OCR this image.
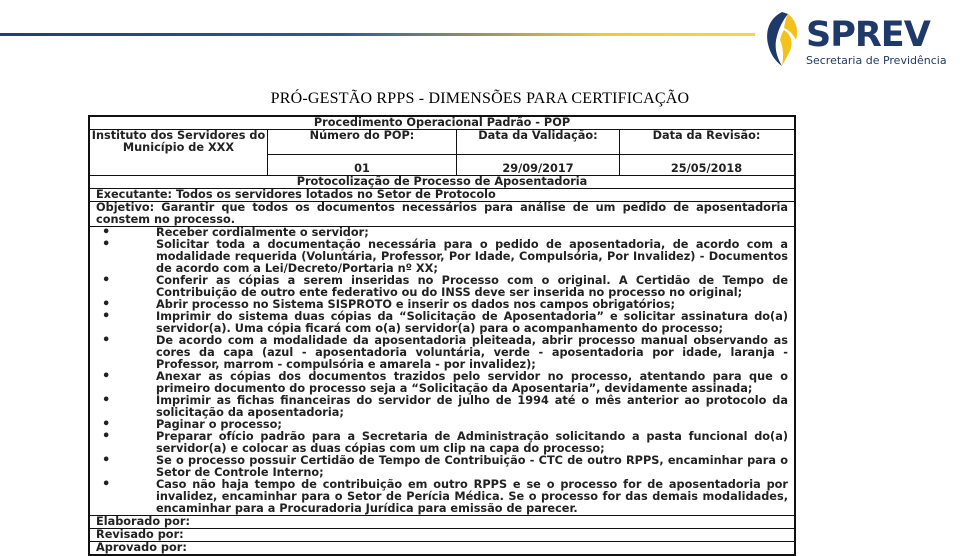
SPREV
Secretaria de Previdência
PRÓ-GESTÃO RPPS - DIMENSÕES PARA CERTIFICAÇÃO
Procedimento Operacional Padrão - POP
Instituto dos Servidores do Município de XXX
Número do POP:	Data da Validação:	Data da Revisão:
01	29/09/2017	25/05/2018
Protocolização de Processo de Aposentadoria
Executante: Todos os servidores lotados no Setor de Protocolo
Objetivo: Garantir que todos os documentos necessários para análise de um pedido de aposentadoria constem no processo.
• Receber cordialmente o servidor;
• Solicitar toda a documentação necessária para o pedido de aposentadoria, de acordo com a modalidade requerida (Voluntária, Professor, Por Idade, Compulsória, Por Invalidez) - Documentos de acordo com a Lei/Decreto/Portaria nº XX;
• Conferir as cópias a serem inseridas no Processo com o original. A Certidão de Tempo de Contribuição de outro ente federativo ou do INSS deve ser inserida no processo no original;
• Abrir processo no Sistema SISPROTO e inserir os dados nos campos obrigatórios;
• Imprimir do sistema duas cópias da “Solicitação de Aposentadoria” e solicitar assinatura do(a) servidor(a). Uma cópia ficará com o(a) servidor(a) para o acompanhamento do processo;
• De acordo com a modalidade da aposentadoria pleiteada, abrir processo manual observando as cores da capa (azul - aposentadoria voluntária, verde - aposentadoria por idade, laranja - Professor, marrom - compulsória e amarela - por invalidez);
• Anexar as cópias dos documentos trazidos pelo servidor no processo, atentando para que o primeiro documento do processo seja a “Solicitação da Aposentaria”, devidamente assinada;
• Imprimir as fichas financeiras do servidor de julho de 1994 até o mês anterior ao protocolo da solicitação da aposentadoria;
• Paginar o processo;
• Preparar ofício padrão para a Secretaria de Administração solicitando a pasta funcional do(a) servidor(a) e colocar as duas cópias com um clip na capa do processo;
• Se o processo possuir Certidão de Tempo de Contribuição - CTC de outro RPPS, encaminhar para o Setor de Controle Interno;
• Caso não haja tempo de contribuição em outro RPPS e se o processo for de aposentadoria por invalidez, encaminhar para o Setor de Perícia Médica. Se o processo for das demais modalidades, encaminhar para a Procuradoria Jurídica para emissão de parecer.
Elaborado por:
Revisado por:
Aprovado por:
